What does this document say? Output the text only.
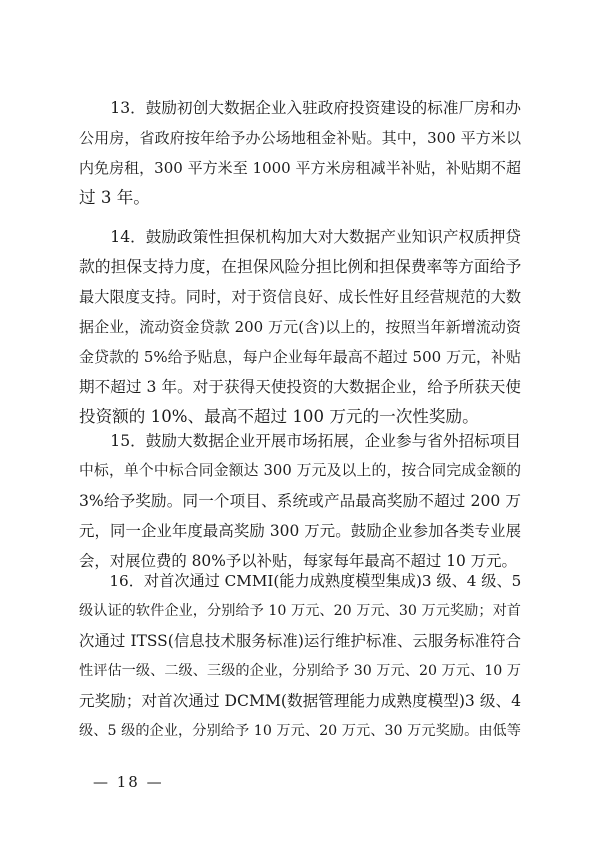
　　13．鼓励初创大数据企业入驻政府投资建设的标准厂房和办
公用房，省政府按年给予办公场地租金补贴。其中，300 平方米以
内免房租，300 平方米至 1000 平方米房租减半补贴，补贴期不超
过 3 年。
　　14．鼓励政策性担保机构加大对大数据产业知识产权质押贷
款的担保支持力度，在担保风险分担比例和担保费率等方面给予
最大限度支持。同时，对于资信良好、成长性好且经营规范的大数
据企业，流动资金贷款 200 万元(含)以上的，按照当年新增流动资
金贷款的 5%给予贴息，每户企业每年最高不超过 500 万元，补贴
期不超过 3 年。对于获得天使投资的大数据企业，给予所获天使
投资额的 10%、最高不超过 100 万元的一次性奖励。
　　15．鼓励大数据企业开展市场拓展，企业参与省外招标项目
中标，单个中标合同金额达 300 万元及以上的，按合同完成金额的
3%给予奖励。同一个项目、系统或产品最高奖励不超过 200 万
元，同一企业年度最高奖励 300 万元。鼓励企业参加各类专业展
会，对展位费的 80%予以补贴，每家每年最高不超过 10 万元。
　　16．对首次通过 CMMI(能力成熟度模型集成)3 级、4 级、5
级认证的软件企业，分别给予 10 万元、20 万元、30 万元奖励；对首
次通过 ITSS(信息技术服务标准)运行维护标准、云服务标准符合
性评估一级、二级、三级的企业，分别给予 30 万元、20 万元、10 万
元奖励；对首次通过 DCMM(数据管理能力成熟度模型)3 级、4
级、5 级的企业，分别给予 10 万元、20 万元、30 万元奖励。由低等
— 18 —
